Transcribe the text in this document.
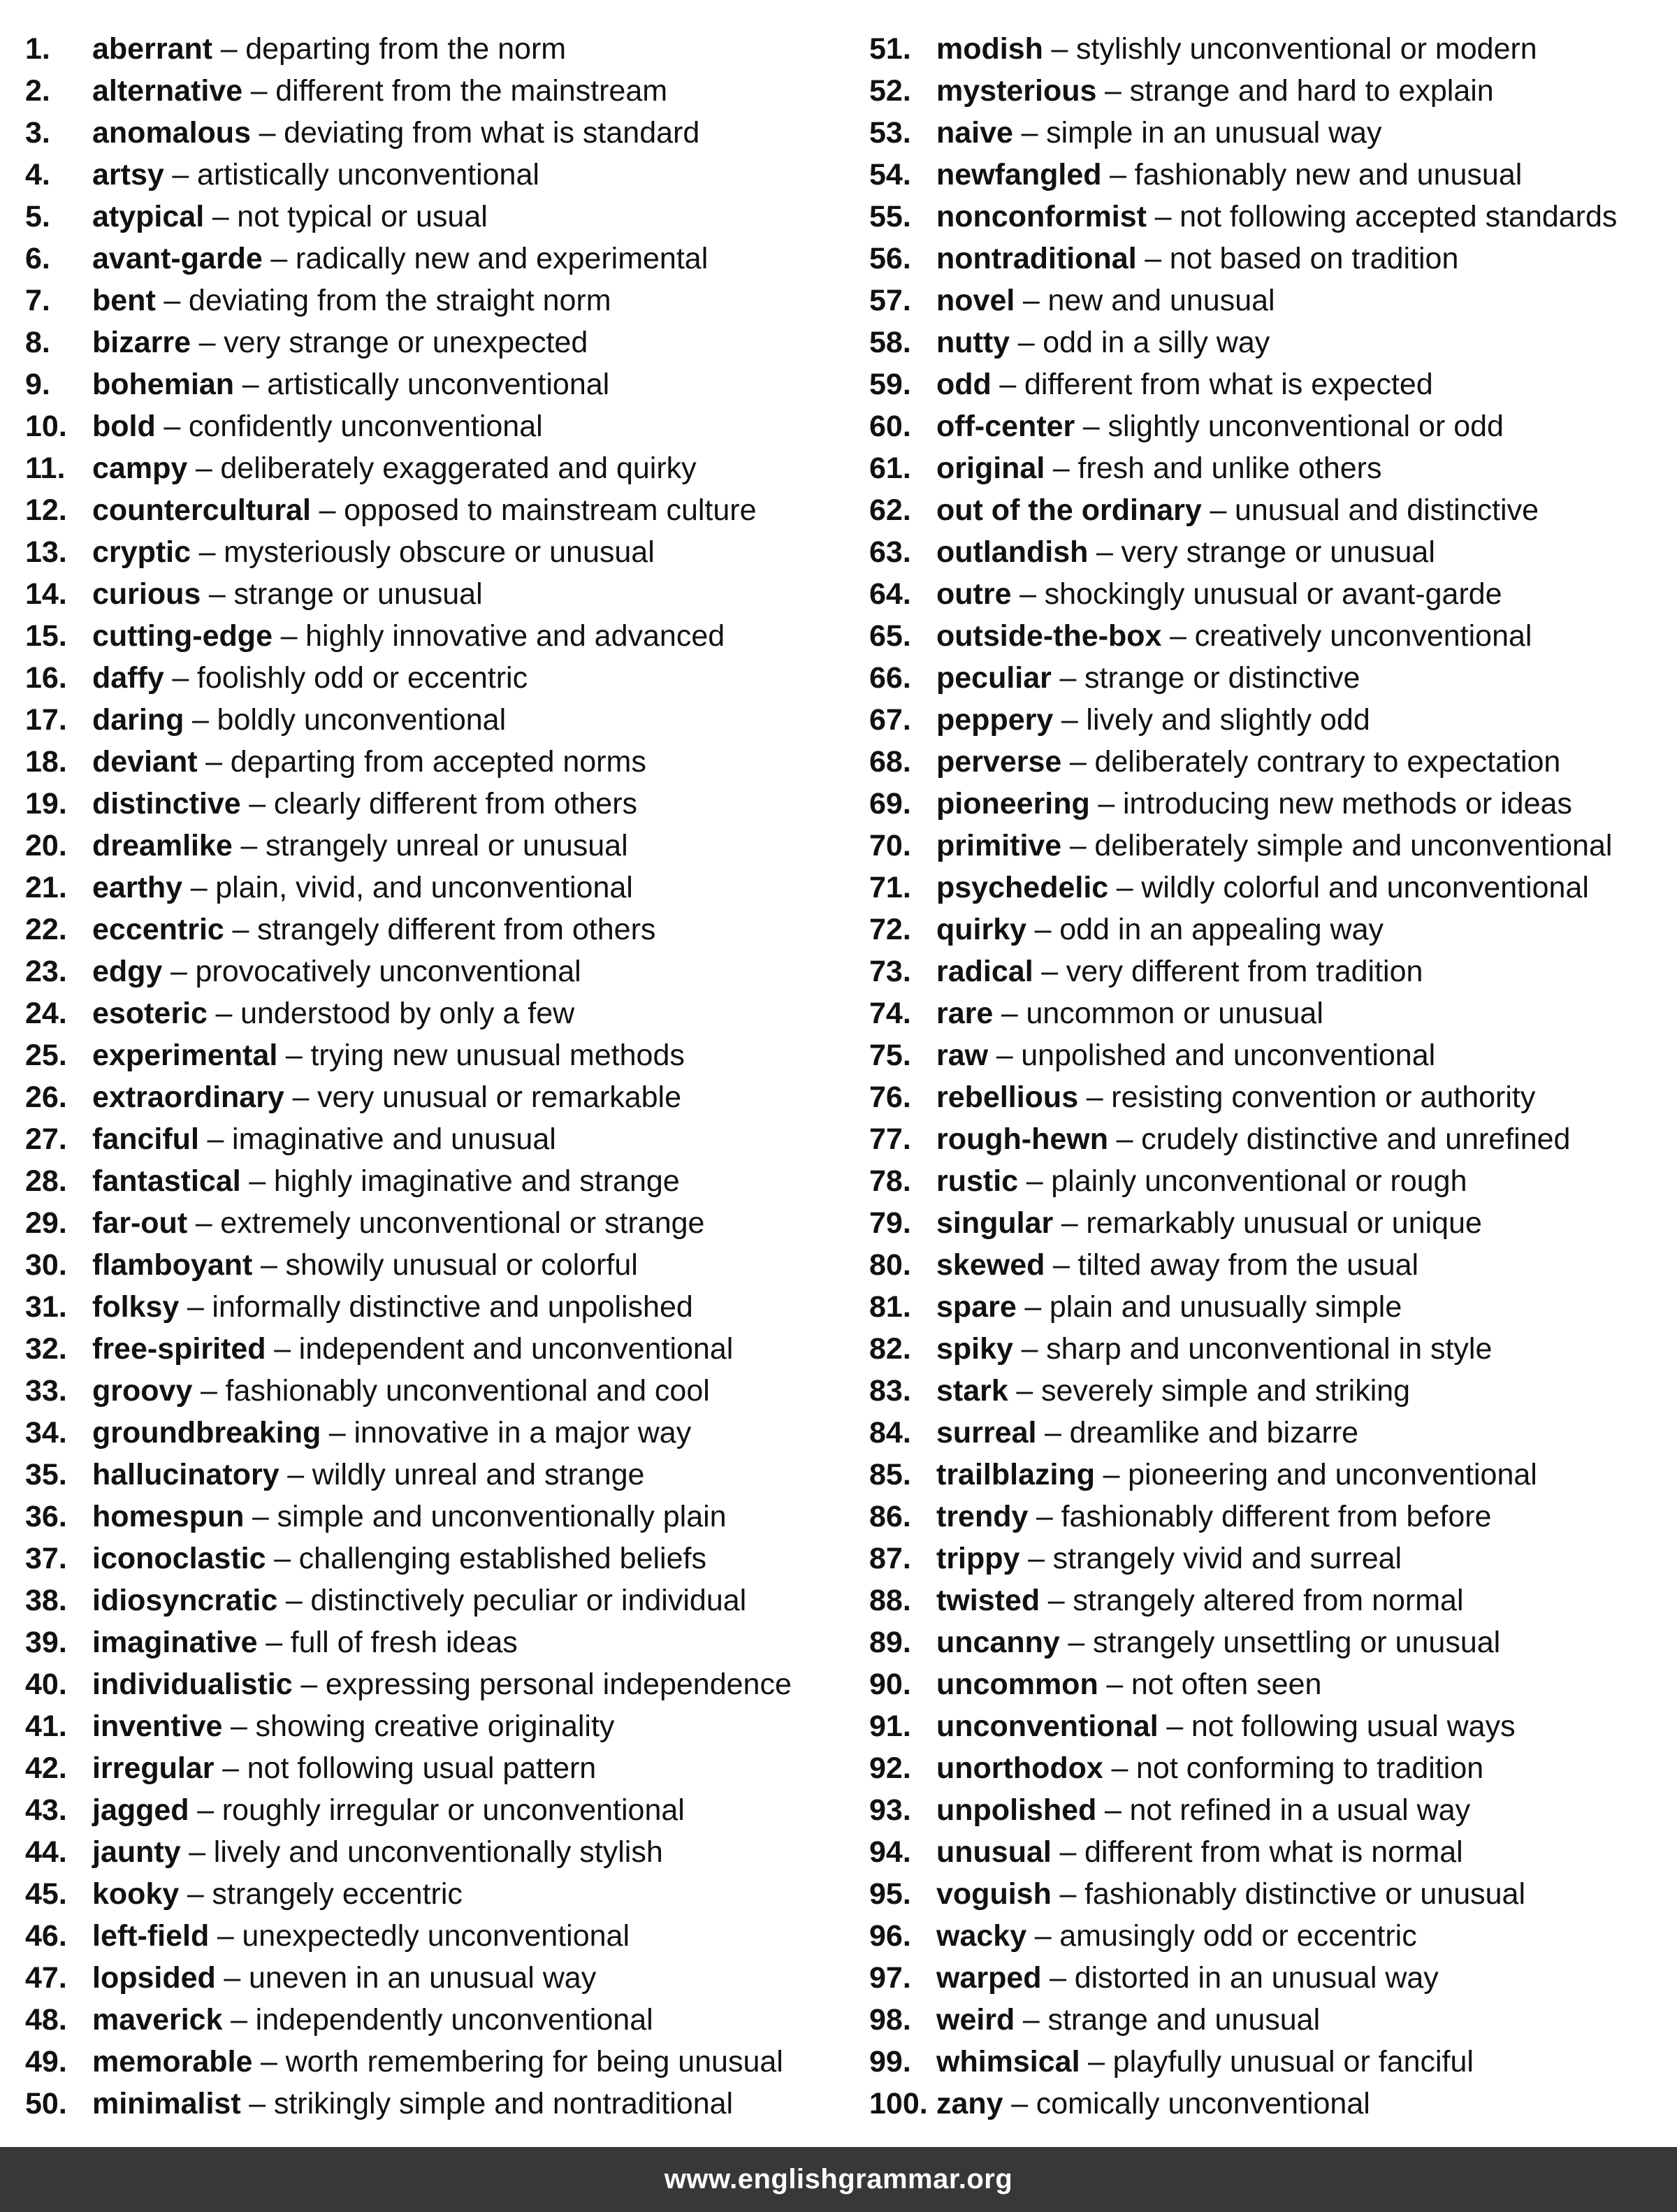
1.	aberrant – departing from the norm
2.	alternative – different from the mainstream
3.	anomalous – deviating from what is standard
4.	artsy – artistically unconventional
5.	atypical – not typical or usual
6.	avant-garde – radically new and experimental
7.	bent – deviating from the straight norm
8.	bizarre – very strange or unexpected
9.	bohemian – artistically unconventional
10. bold – confidently unconventional
11. campy – deliberately exaggerated and quirky
12. countercultural – opposed to mainstream culture
13. cryptic – mysteriously obscure or unusual
14. curious – strange or unusual
15. cutting-edge – highly innovative and advanced
16. daffy – foolishly odd or eccentric
17. daring – boldly unconventional
18. deviant – departing from accepted norms
19. distinctive – clearly different from others
20. dreamlike – strangely unreal or unusual
21. earthy – plain, vivid, and unconventional
22. eccentric – strangely different from others
23. edgy – provocatively unconventional
24. esoteric – understood by only a few
25. experimental – trying new unusual methods
26. extraordinary – very unusual or remarkable
27. fanciful – imaginative and unusual
28. fantastical – highly imaginative and strange
29. far-out – extremely unconventional or strange
30. flamboyant – showily unusual or colorful
31. folksy – informally distinctive and unpolished
32. free-spirited – independent and unconventional
33. groovy – fashionably unconventional and cool
34. groundbreaking – innovative in a major way
35. hallucinatory – wildly unreal and strange
36. homespun – simple and unconventionally plain
37. iconoclastic – challenging established beliefs
38. idiosyncratic – distinctively peculiar or individual
39. imaginative – full of fresh ideas
40. individualistic – expressing personal independence
41. inventive – showing creative originality
42. irregular – not following usual pattern
43. jagged – roughly irregular or unconventional
44. jaunty – lively and unconventionally stylish
45. kooky – strangely eccentric
46. left-field – unexpectedly unconventional
47. lopsided – uneven in an unusual way
48. maverick – independently unconventional
49. memorable – worth remembering for being unusual
50. minimalist – strikingly simple and nontraditional
51. modish – stylishly unconventional or modern
52. mysterious – strange and hard to explain
53. naive – simple in an unusual way
54. newfangled – fashionably new and unusual
55. nonconformist – not following accepted standards
56. nontraditional – not based on tradition
57. novel – new and unusual
58. nutty – odd in a silly way
59. odd – different from what is expected
60. off-center – slightly unconventional or odd
61. original – fresh and unlike others
62. out of the ordinary – unusual and distinctive
63. outlandish – very strange or unusual
64. outre – shockingly unusual or avant-garde
65. outside-the-box – creatively unconventional
66. peculiar – strange or distinctive
67. peppery – lively and slightly odd
68. perverse – deliberately contrary to expectation
69. pioneering – introducing new methods or ideas
70. primitive – deliberately simple and unconventional
71. psychedelic – wildly colorful and unconventional
72. quirky – odd in an appealing way
73. radical – very different from tradition
74. rare – uncommon or unusual
75. raw – unpolished and unconventional
76. rebellious – resisting convention or authority
77. rough-hewn – crudely distinctive and unrefined
78. rustic – plainly unconventional or rough
79. singular – remarkably unusual or unique
80. skewed – tilted away from the usual
81. spare – plain and unusually simple
82. spiky – sharp and unconventional in style
83. stark – severely simple and striking
84. surreal – dreamlike and bizarre
85. trailblazing – pioneering and unconventional
86. trendy – fashionably different from before
87. trippy – strangely vivid and surreal
88. twisted – strangely altered from normal
89. uncanny – strangely unsettling or unusual
90. uncommon – not often seen
91. unconventional – not following usual ways
92. unorthodox – not conforming to tradition
93. unpolished – not refined in a usual way
94. unusual – different from what is normal
95. voguish – fashionably distinctive or unusual
96. wacky – amusingly odd or eccentric
97. warped – distorted in an unusual way
98. weird – strange and unusual
99. whimsical – playfully unusual or fanciful
100. zany – comically unconventional
www.englishgrammar.org
